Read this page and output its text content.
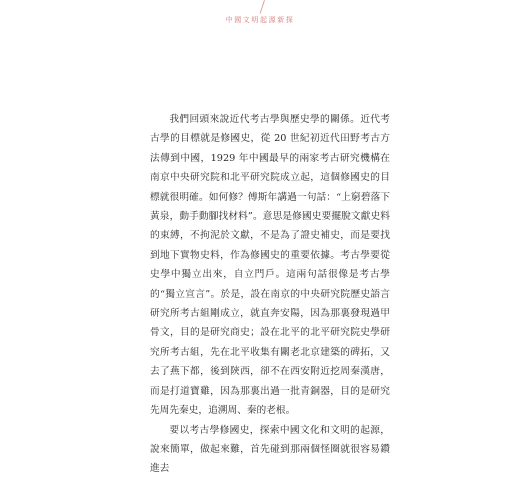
中國文明起源新探

我們回頭來說近代考古學與歷史學的關係。近代考古學的目標就是修國史，從 20 世紀初近代田野考古方法傳到中國，1929 年中國最早的兩家考古研究機構在南京中央研究院和北平研究院成立起，這個修國史的目標就很明確。如何修？傅斯年講過一句話：“上窮碧落下黃泉，動手動腳找材料”。意思是修國史要擺脫文獻史料的束縛，不拘泥於文獻，不是為了證史補史，而是要找到地下實物史料，作為修國史的重要依據。考古學要從史學中獨立出來，自立門戶。這兩句話很像是考古學的“獨立宣言”。於是，設在南京的中央研究院歷史語言研究所考古組剛成立，就直奔安陽，因為那裏發現過甲骨文，目的是研究商史；設在北平的北平研究院史學研究所考古組，先在北平收集有關老北京建築的碑拓，又去了燕下都，後到陝西，卻不在西安附近挖周秦漢唐，而是打道寶雞，因為那裏出過一批青銅器，目的是研究先周先秦史，追溯周、秦的老根。

要以考古學修國史，探索中國文化和文明的起源，說來簡單，做起來難，首先碰到那兩個怪圈就很容易鑽進去
